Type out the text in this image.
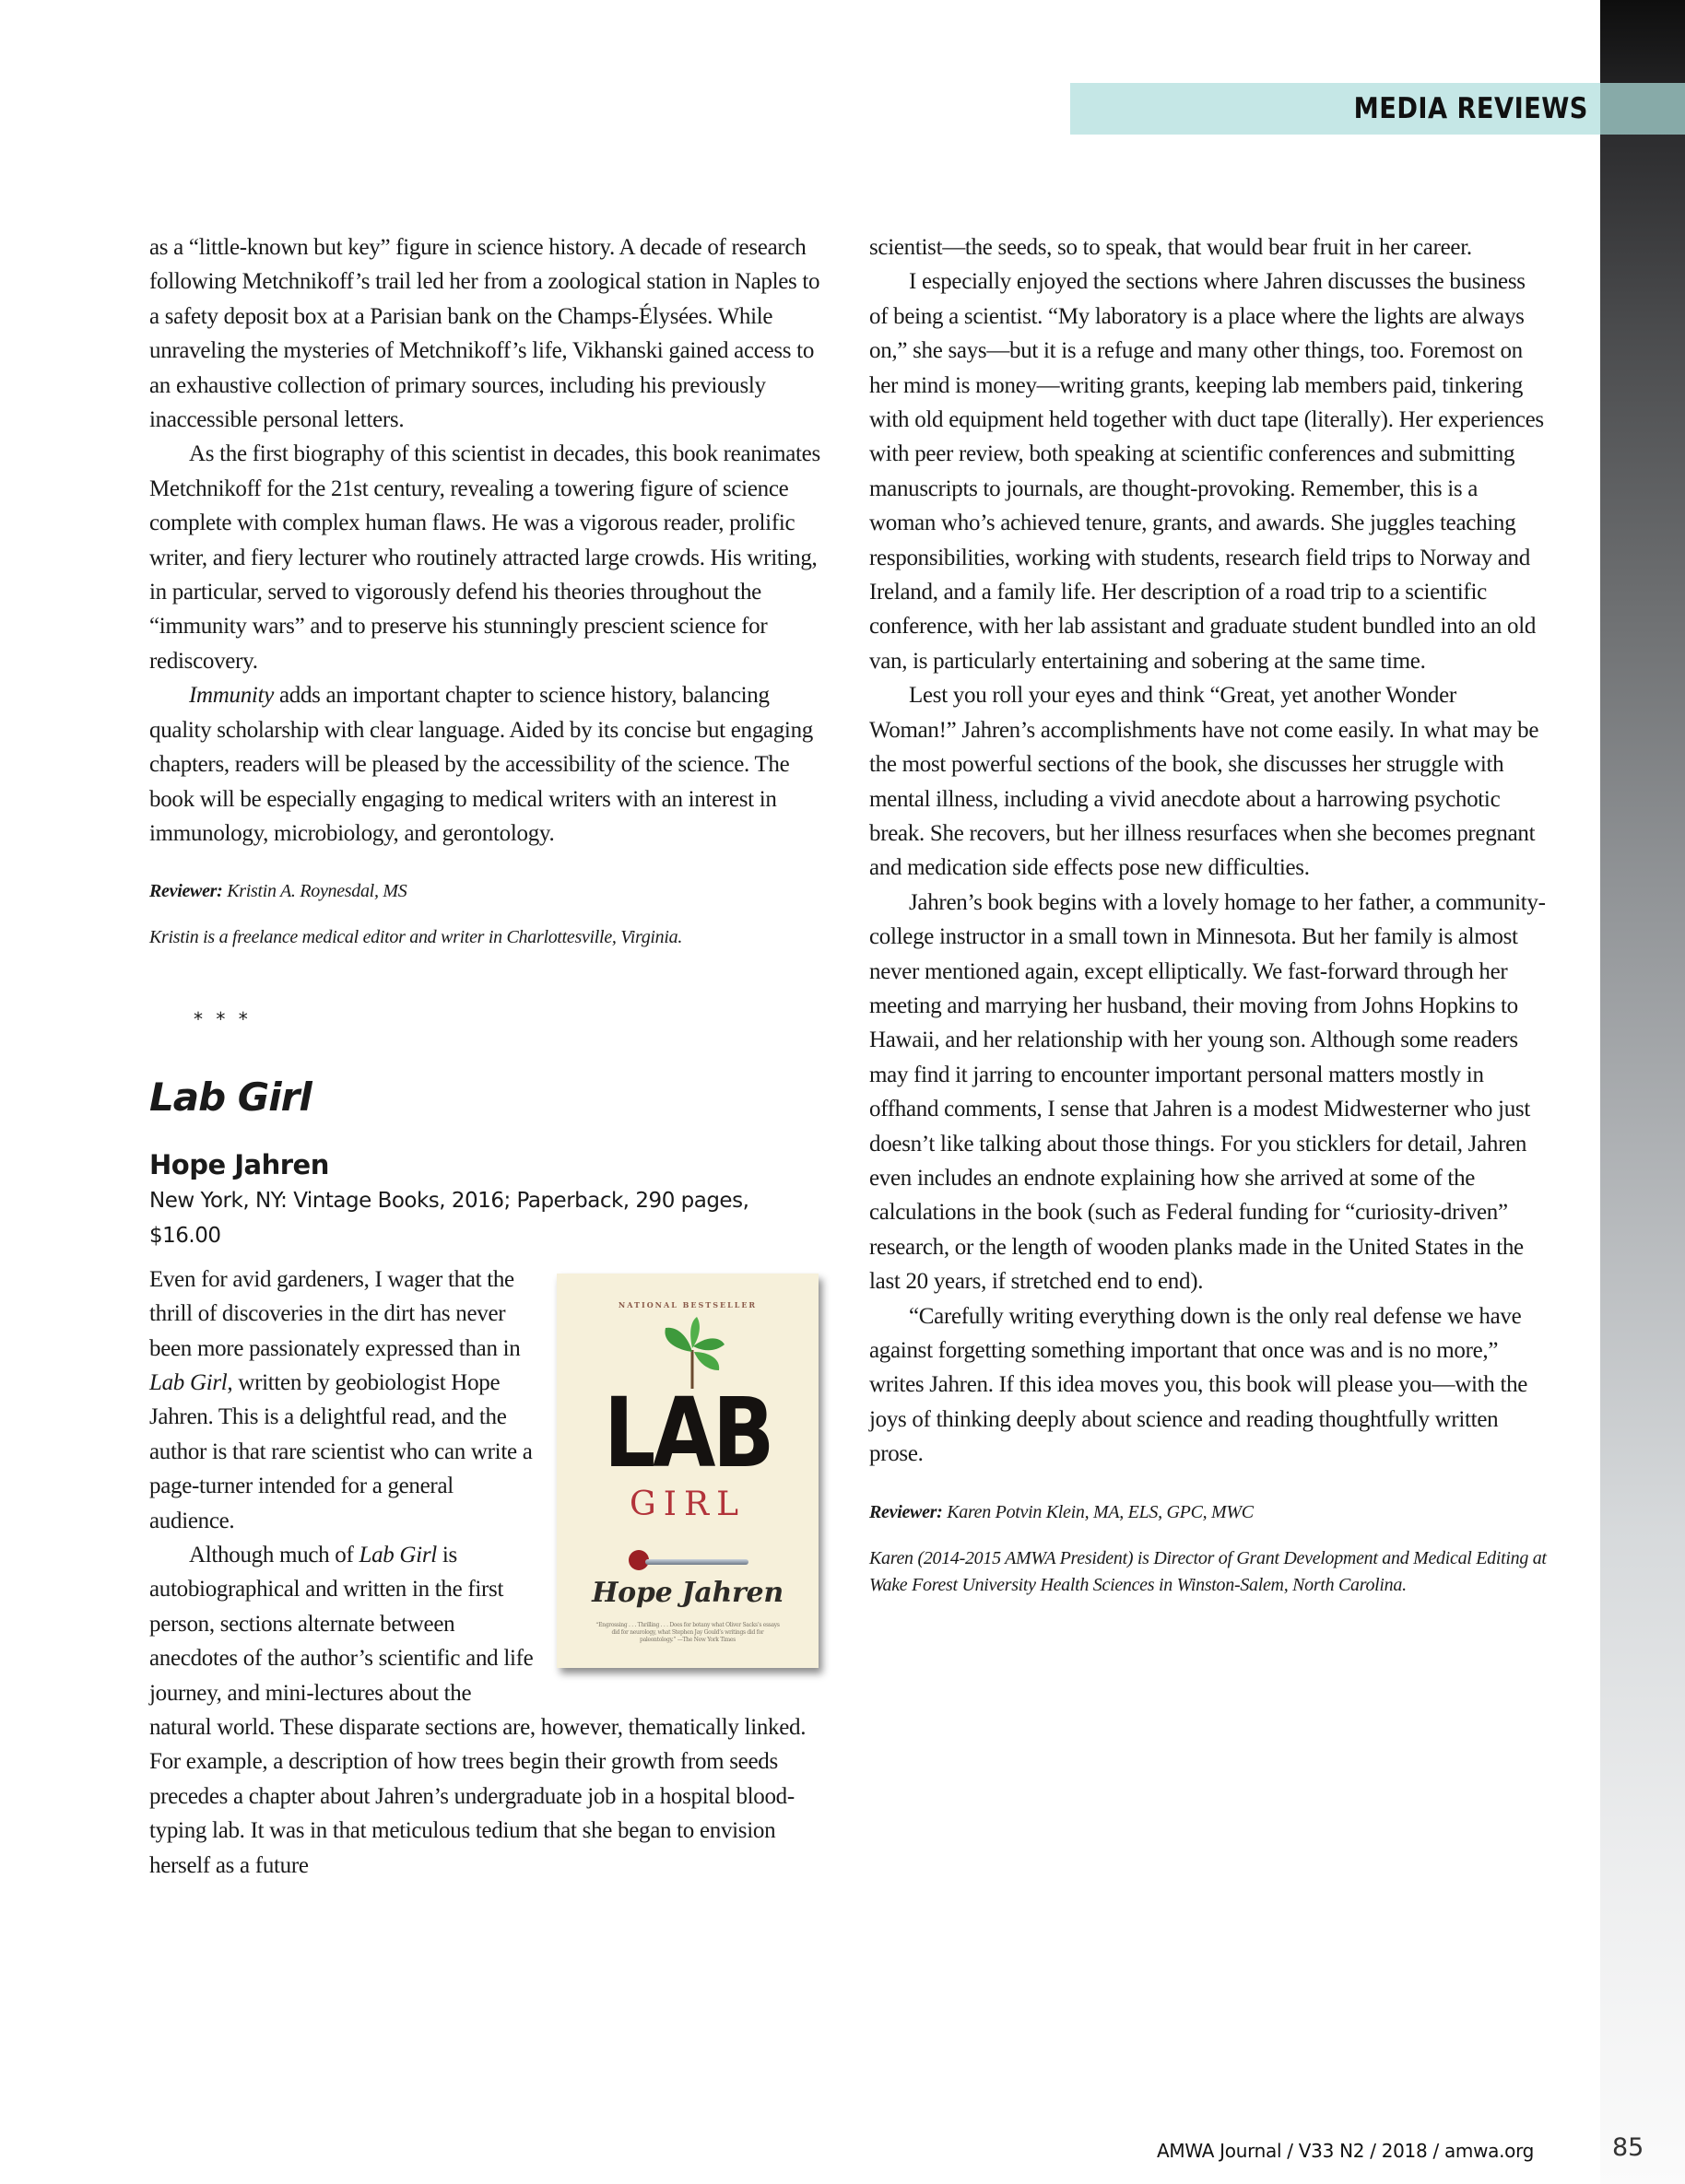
MEDIA REVIEWS

as a “little-known but key” figure in science history. A decade of research following Metchnikoff’s trail led her from a zoological station in Naples to a safety deposit box at a Parisian bank on the Champs-Élysées. While unraveling the mysteries of Metchnikoff’s life, Vikhanski gained access to an exhaustive collection of primary sources, including his previously inaccessible personal letters.

As the first biography of this scientist in decades, this book reanimates Metchnikoff for the 21st century, revealing a towering figure of science complete with complex human flaws. He was a vigorous reader, prolific writer, and fiery lecturer who routinely attracted large crowds. His writing, in particular, served to vigorously defend his theories throughout the “immunity wars” and to preserve his stunningly prescient science for rediscovery.

Immunity adds an important chapter to science history, balancing quality scholarship with clear language. Aided by its concise but engaging chapters, readers will be pleased by the accessibility of the science. The book will be especially engaging to medical writers with an interest in immunology, microbiology, and gerontology.

Reviewer: Kristin A. Roynesdal, MS

Kristin is a freelance medical editor and writer in Charlottesville, Virginia.

* * *

Lab Girl

Hope Jahren

New York, NY: Vintage Books, 2016; Paperback, 290 pages, $16.00

NATIONAL BESTSELLER
LAB
GIRL
Hope Jahren
“Engrossing . . . Thrilling . . . Does for botany what Oliver Sacks’s essays did for neurology, what Stephen Jay Gould’s writings did for paleontology.” —The New York Times

Even for avid gardeners, I wager that the thrill of discoveries in the dirt has never been more passionately expressed than in Lab Girl, written by geobiologist Hope Jahren. This is a delightful read, and the author is that rare scientist who can write a page-turner intended for a general audience.

Although much of Lab Girl is autobiographical and written in the first person, sections alternate between anecdotes of the author’s scientific and life journey, and mini-lectures about the natural world. These disparate sections are, however, thematically linked. For example, a description of how trees begin their growth from seeds precedes a chapter about Jahren’s undergraduate job in a hospital blood-typing lab. It was in that meticulous tedium that she began to envision herself as a future

scientist—the seeds, so to speak, that would bear fruit in her career.

I especially enjoyed the sections where Jahren discusses the business of being a scientist. “My laboratory is a place where the lights are always on,” she says—but it is a refuge and many other things, too. Foremost on her mind is money—writing grants, keeping lab members paid, tinkering with old equipment held together with duct tape (literally). Her experiences with peer review, both speaking at scientific conferences and submitting manuscripts to journals, are thought-provoking. Remember, this is a woman who’s achieved tenure, grants, and awards. She juggles teaching responsibilities, working with students, research field trips to Norway and Ireland, and a family life. Her description of a road trip to a scientific conference, with her lab assistant and graduate student bundled into an old van, is particularly entertaining and sobering at the same time.

Lest you roll your eyes and think “Great, yet another Wonder Woman!” Jahren’s accomplishments have not come easily. In what may be the most powerful sections of the book, she discusses her struggle with mental illness, including a vivid anecdote about a harrowing psychotic break. She recovers, but her illness resurfaces when she becomes pregnant and medication side effects pose new difficulties.

Jahren’s book begins with a lovely homage to her father, a community-college instructor in a small town in Minnesota. But her family is almost never mentioned again, except elliptically. We fast-forward through her meeting and marrying her husband, their moving from Johns Hopkins to Hawaii, and her relationship with her young son. Although some readers may find it jarring to encounter important personal matters mostly in offhand comments, I sense that Jahren is a modest Midwesterner who just doesn’t like talking about those things. For you sticklers for detail, Jahren even includes an endnote explaining how she arrived at some of the calculations in the book (such as Federal funding for “curiosity-driven” research, or the length of wooden planks made in the United States in the last 20 years, if stretched end to end).

“Carefully writing everything down is the only real defense we have against forgetting something important that once was and is no more,” writes Jahren. If this idea moves you, this book will please you—with the joys of thinking deeply about science and reading thoughtfully written prose.

Reviewer: Karen Potvin Klein, MA, ELS, GPC, MWC

Karen (2014-2015 AMWA President) is Director of Grant Development and Medical Editing at Wake Forest University Health Sciences in Winston-Salem, North Carolina.

AMWA Journal / V33 N2 / 2018 / amwa.org	85
